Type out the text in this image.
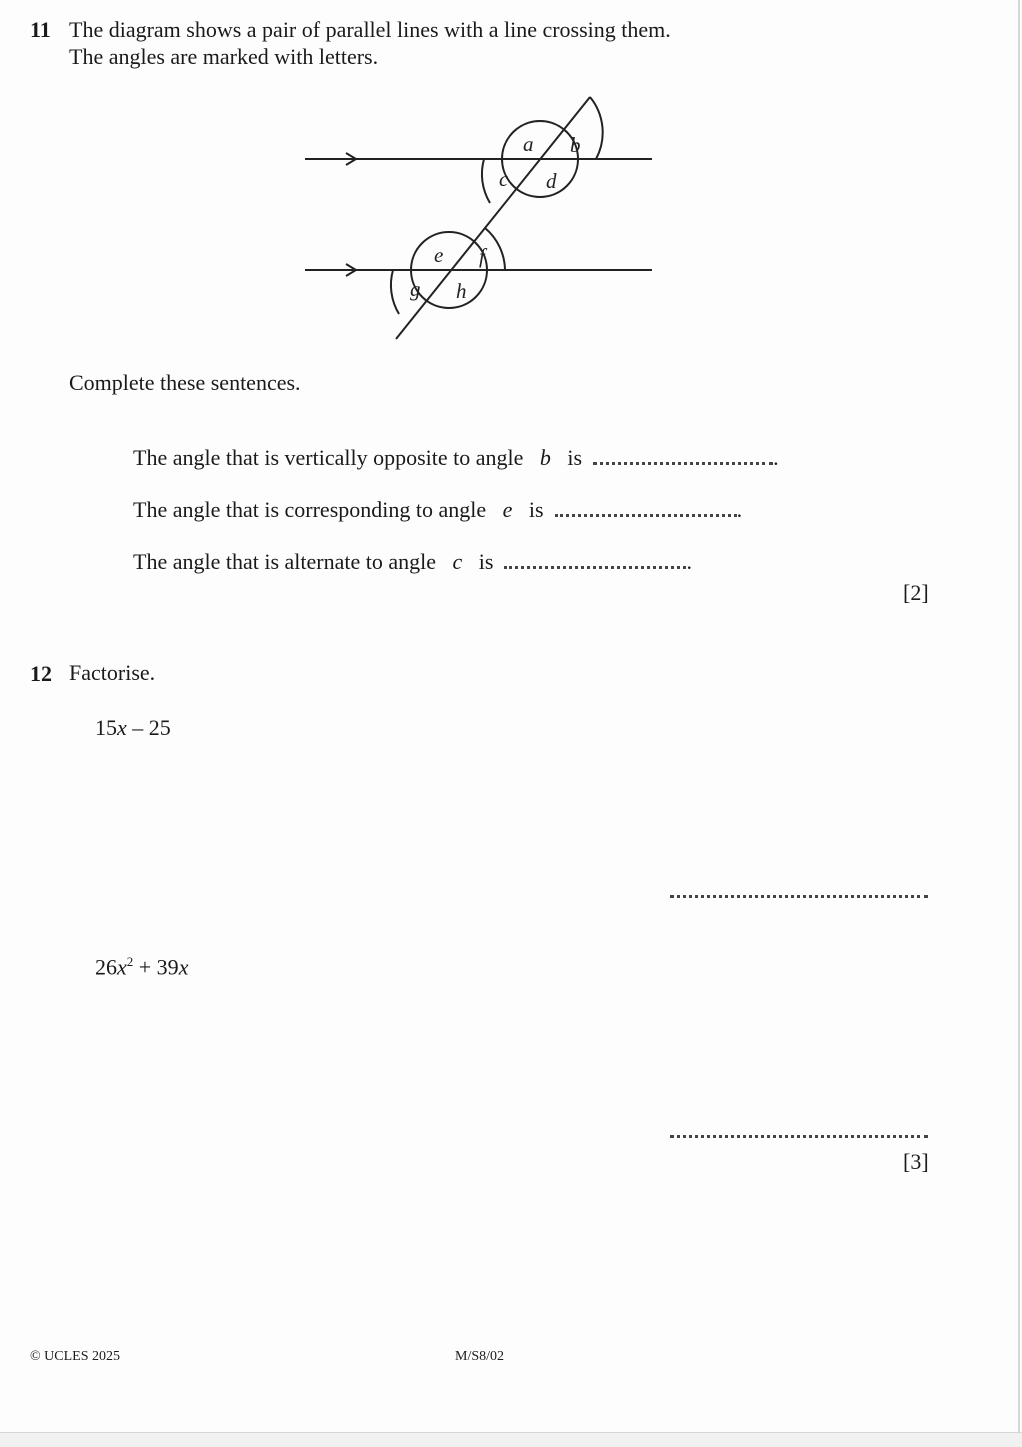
11 The diagram shows a pair of parallel lines with a line crossing them.
The angles are marked with letters.
a b
c d
e f
g h
Complete these sentences.
The angle that is vertically opposite to angle b is	.
The angle that is corresponding to angle e is	.
The angle that is alternate to angle c is	.
[2]
12 Factorise.
15x – 25
$26x^2 + 39x$
[3]
© UCLES 2025	M/S8/02
